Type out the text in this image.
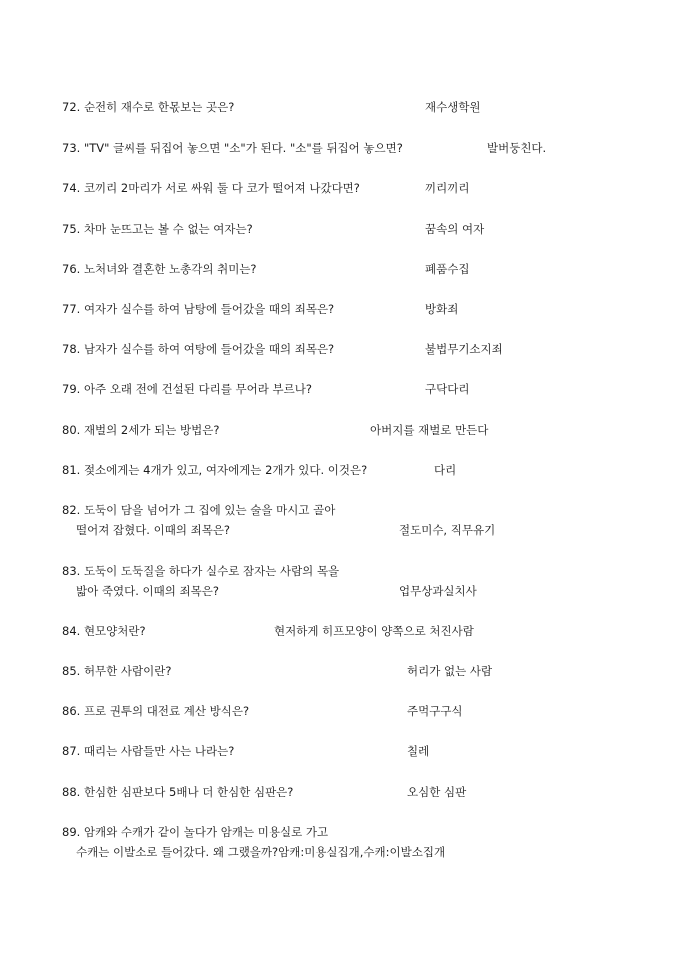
72. 순전히 재수로 한몫보는 곳은?	재수생학원
73. "TV" 글씨를 뒤집어 놓으면 "소"가 된다. "소"를 뒤집어 놓으면?	발버둥친다.
74. 코끼리 2마리가 서로 싸워 둘 다 코가 떨어져 나갔다면?	끼리끼리
75. 차마 눈뜨고는 볼 수 없는 여자는?	꿈속의 여자
76. 노처녀와 결혼한 노총각의 취미는?	폐품수집
77. 여자가 실수를 하여 남탕에 들어갔을 때의 죄목은?	방화죄
78. 남자가 실수를 하여 여탕에 들어갔을 때의 죄목은?	불법무기소지죄
79. 아주 오래 전에 건설된 다리를 무어라 부르나?	구닥다리
80. 재벌의 2세가 되는 방법은?	아버지를 재벌로 만든다
81. 젖소에게는 4개가 있고, 여자에게는 2개가 있다. 이것은?	다리
82. 도둑이 담을 넘어가 그 집에 있는 술을 마시고 골아
떨어져 잡혔다. 이때의 죄목은?	절도미수, 직무유기
83. 도둑이 도둑질을 하다가 실수로 잠자는 사람의 목을
밟아 죽였다. 이때의 죄목은?	업무상과실치사
84. 현모양처란?	현저하게 히프모양이 양쪽으로 처진사람
85. 허무한 사람이란?	허리가 없는 사람
86. 프로 권투의 대전료 계산 방식은?	주먹구구식
87. 때리는 사람들만 사는 나라는?	칠레
88. 한심한 심판보다 5배나 더 한심한 심판은?	오심한 심판
89. 암캐와 수캐가 같이 놀다가 암캐는 미용실로 가고
수캐는 이발소로 들어갔다. 왜 그랬을까?암캐:미용실집개,수캐:이발소집개
